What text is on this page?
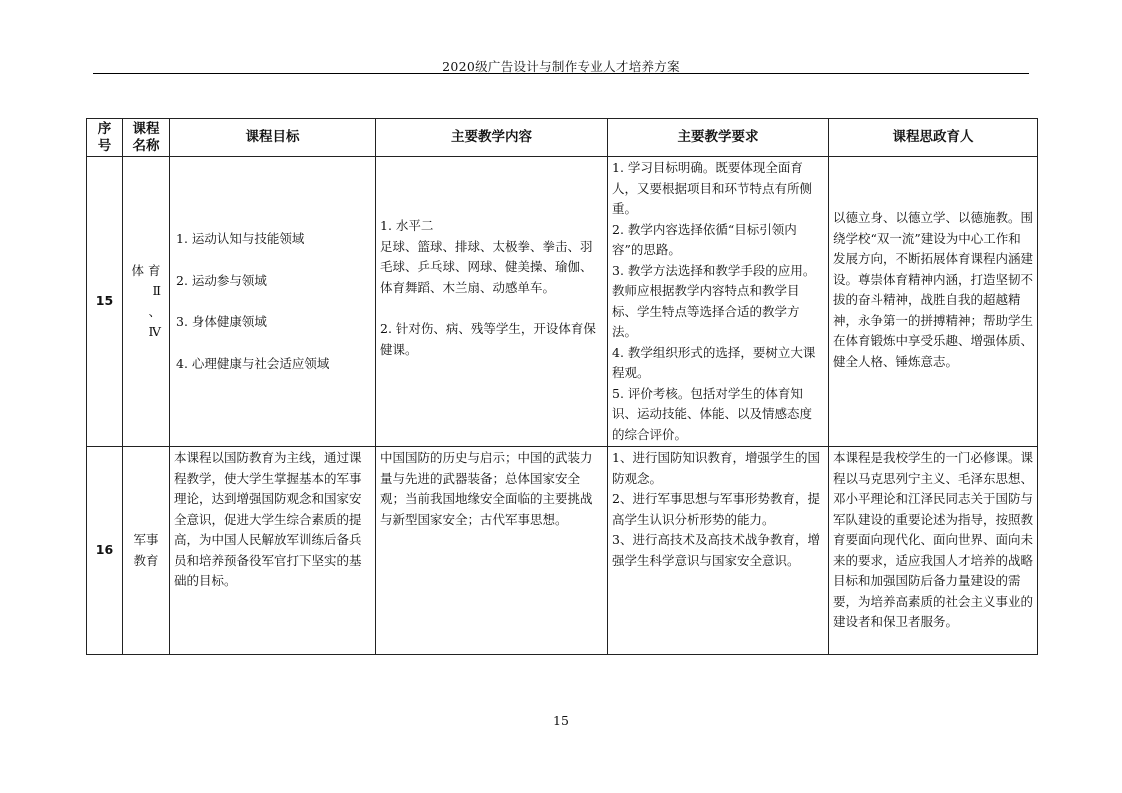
2020级广告设计与制作专业人才培养方案
序号	课程名称	课程目标	主要教学内容	主要教学要求	课程思政育人
15	体 育
Ⅱ
、
Ⅳ	1. 运动认知与技能领域
2. 运动参与领域
3. 身体健康领域
4. 心理健康与社会适应领域	1. 水平二
足球、篮球、排球、太极拳、拳击、羽毛球、乒乓球、网球、健美操、瑜伽、体育舞蹈、木兰扇、动感单车。
2. 针对伤、病、残等学生，开设体育保健课。	1. 学习目标明确。既要体现全面育人，又要根据项目和环节特点有所侧重。
2. 教学内容选择依循“目标引领内容”的思路。
3. 教学方法选择和教学手段的应用。教师应根据教学内容特点和教学目标、学生特点等选择合适的教学方法。
4. 教学组织形式的选择，要树立大课程观。
5. 评价考核。包括对学生的体育知识、运动技能、体能、以及情感态度的综合评价。	以德立身、以德立学、以德施教。围绕学校“双一流”建设为中心工作和发展方向，不断拓展体育课程内涵建设。尊崇体育精神内涵，打造坚韧不拔的奋斗精神，战胜自我的超越精神，永争第一的拼搏精神；帮助学生在体育锻炼中享受乐趣、增强体质、健全人格、锤炼意志。

16	军事
教育	本课程以国防教育为主线，通过课程教学，使大学生掌握基本的军事理论，达到增强国防观念和国家安全意识，促进大学生综合素质的提高，为中国人民解放军训练后备兵员和培养预备役军官打下坚实的基础的目标。	中国国防的历史与启示；中国的武装力量与先进的武器装备；总体国家安全观；当前我国地缘安全面临的主要挑战与新型国家安全；古代军事思想。	1、进行国防知识教育，增强学生的国防观念。
2、进行军事思想与军事形势教育，提高学生认识分析形势的能力。
3、进行高技术及高技术战争教育，增强学生科学意识与国家安全意识。	本课程是我校学生的一门必修课。课程以马克思列宁主义、毛泽东思想、邓小平理论和江泽民同志关于国防与军队建设的重要论述为指导，按照教育要面向现代化、面向世界、面向未来的要求，适应我国人才培养的战略目标和加强国防后备力量建设的需要，为培养高素质的社会主义事业的建设者和保卫者服务。
15
